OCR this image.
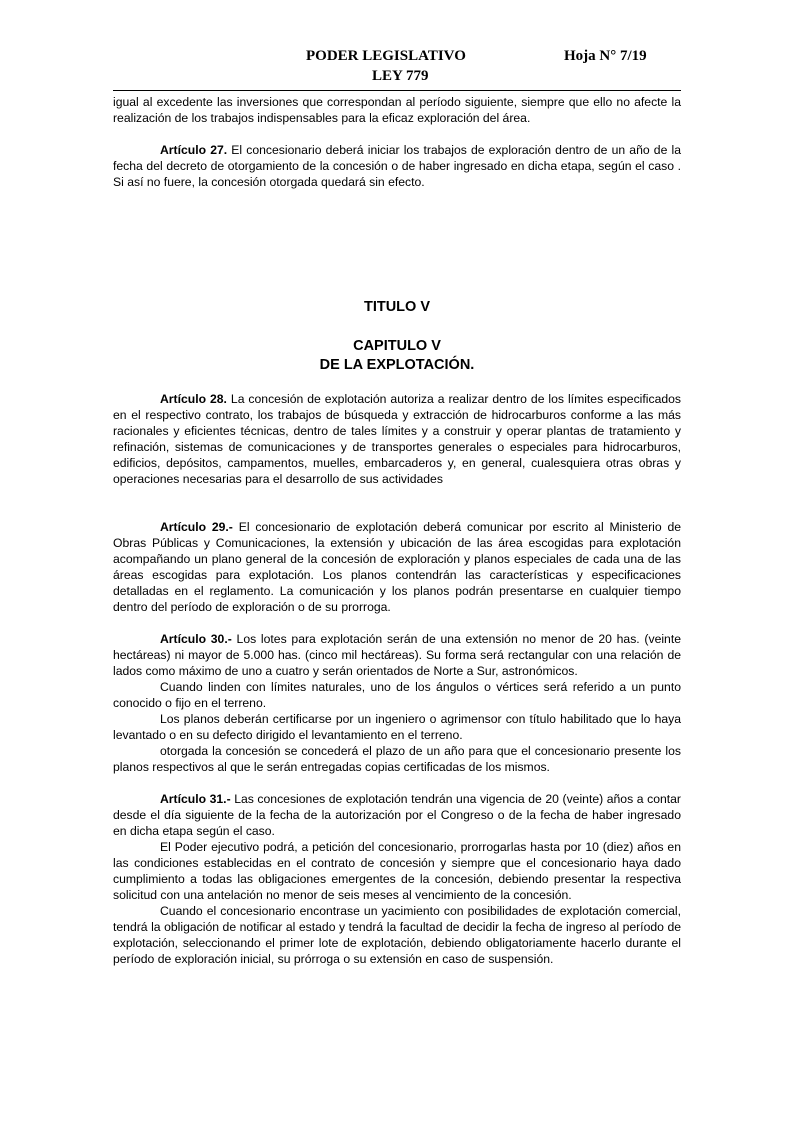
PODER LEGISLATIVO	Hoja N° 7/19
LEY 779

igual al excedente las inversiones que correspondan al período siguiente, siempre que ello no afecte la realización de los trabajos indispensables para la eficaz exploración del área.

Artículo 27. El concesionario deberá iniciar los trabajos de exploración dentro de un año de la fecha del decreto de otorgamiento de la concesión o de haber ingresado en dicha etapa, según el caso . Si así no fuere, la concesión otorgada quedará sin efecto.

TITULO V

CAPITULO V

DE LA EXPLOTACIÓN.

Artículo 28. La concesión de explotación autoriza a realizar dentro de los límites especificados en el respectivo contrato, los trabajos de búsqueda y extracción de hidrocarburos conforme a las más racionales y eficientes técnicas, dentro de tales límites y a construir y operar plantas de tratamiento y refinación, sistemas de comunicaciones y de transportes generales o especiales para hidrocarburos, edificios, depósitos, campamentos, muelles, embarcaderos y, en general, cualesquiera otras obras y operaciones necesarias para el desarrollo de sus actividades

Artículo 29.- El concesionario de explotación deberá comunicar por escrito al Ministerio de Obras Públicas y Comunicaciones, la extensión y ubicación de las área escogidas para explotación acompañando un plano general de la concesión de exploración y planos especiales de cada una de las áreas escogidas para explotación. Los planos contendrán las características y especificaciones detalladas en el reglamento. La comunicación y los planos podrán presentarse en cualquier tiempo dentro del período de exploración o de su prorroga.

Artículo 30.- Los lotes para explotación serán de una extensión no menor de 20 has. (veinte hectáreas) ni mayor de 5.000 has. (cinco mil hectáreas). Su forma será rectangular con una relación de lados como máximo de uno a cuatro y serán orientados de Norte a Sur, astronómicos.

Cuando linden con límites naturales, uno de los ángulos o vértices será referido a un punto conocido o fijo en el terreno.

Los planos deberán certificarse por un ingeniero o agrimensor con título habilitado que lo haya levantado o en su defecto dirigido el levantamiento en el terreno.

otorgada la concesión se concederá el plazo de un año para que el concesionario presente los planos respectivos al que le serán entregadas copias certificadas de los mismos.

Artículo 31.- Las concesiones de explotación tendrán una vigencia de 20 (veinte) años a contar desde el día siguiente de la fecha de la autorización por el Congreso o de la fecha de haber ingresado en dicha etapa según el caso.

El Poder ejecutivo podrá, a petición del concesionario, prorrogarlas hasta por 10 (diez) años en las condiciones establecidas en el contrato de concesión y siempre que el concesionario haya dado cumplimiento a todas las obligaciones emergentes de la concesión, debiendo presentar la respectiva solicitud con una antelación no menor de seis meses al vencimiento de la concesión.

Cuando el concesionario encontrase un yacimiento con posibilidades de explotación comercial, tendrá la obligación de notificar al estado y tendrá la facultad de decidir la fecha de ingreso al período de explotación, seleccionando el primer lote de explotación, debiendo obligatoriamente hacerlo durante el período de exploración inicial, su prórroga o su extensión en caso de suspensión.
